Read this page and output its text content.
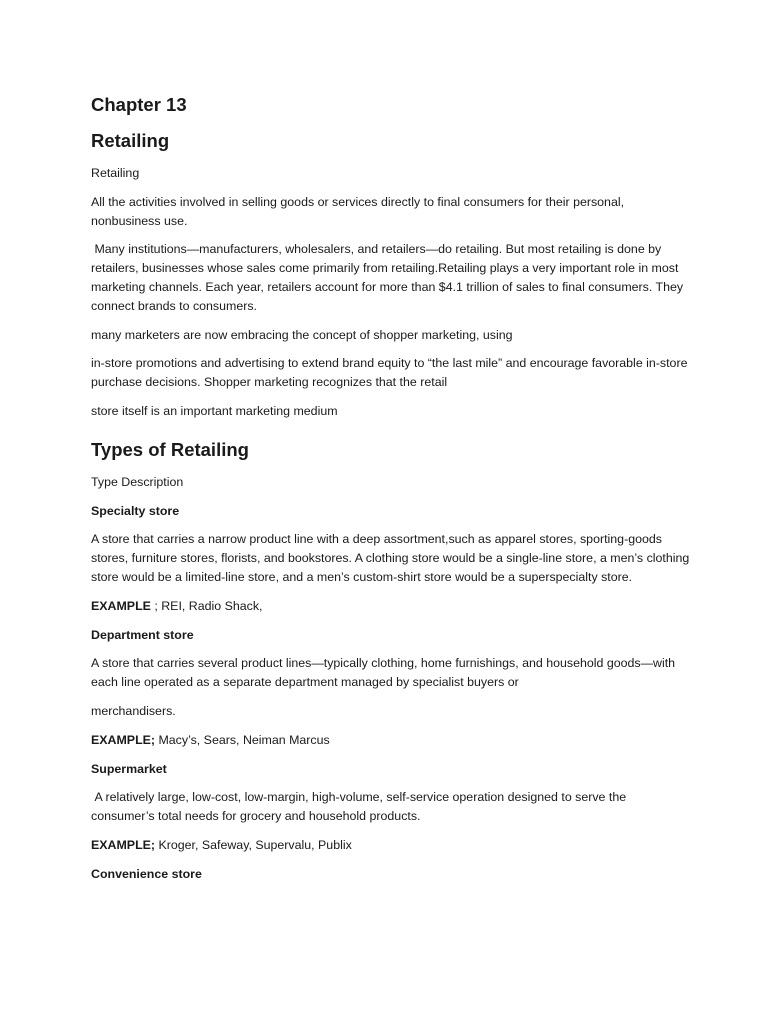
Chapter 13
Retailing

Retailing

All the activities involved in selling goods or services directly to final consumers for their personal, nonbusiness use.

Many institutions—manufacturers, wholesalers, and retailers—do retailing. But most retailing is done by retailers, businesses whose sales come primarily from retailing.Retailing plays a very important role in most marketing channels. Each year, retailers account for more than $4.1 trillion of sales to final consumers. They connect brands to consumers.

many marketers are now embracing the concept of shopper marketing, using

in-store promotions and advertising to extend brand equity to “the last mile” and encourage favorable in-store purchase decisions. Shopper marketing recognizes that the retail

store itself is an important marketing medium

Types of Retailing

Type Description

Specialty store

A store that carries a narrow product line with a deep assortment,such as apparel stores, sporting-goods stores, furniture stores, florists, and bookstores. A clothing store would be a single-line store, a men’s clothing store would be a limited-line store, and a men’s custom-shirt store would be a superspecialty store.

EXAMPLE ; REI, Radio Shack,

Department store

A store that carries several product lines—typically clothing, home furnishings, and household goods—with each line operated as a separate department managed by specialist buyers or

merchandisers.

EXAMPLE; Macy’s, Sears, Neiman Marcus

Supermarket

A relatively large, low-cost, low-margin, high-volume, self-service operation designed to serve the consumer’s total needs for grocery and household products.

EXAMPLE; Kroger, Safeway, Supervalu, Publix

Convenience store
